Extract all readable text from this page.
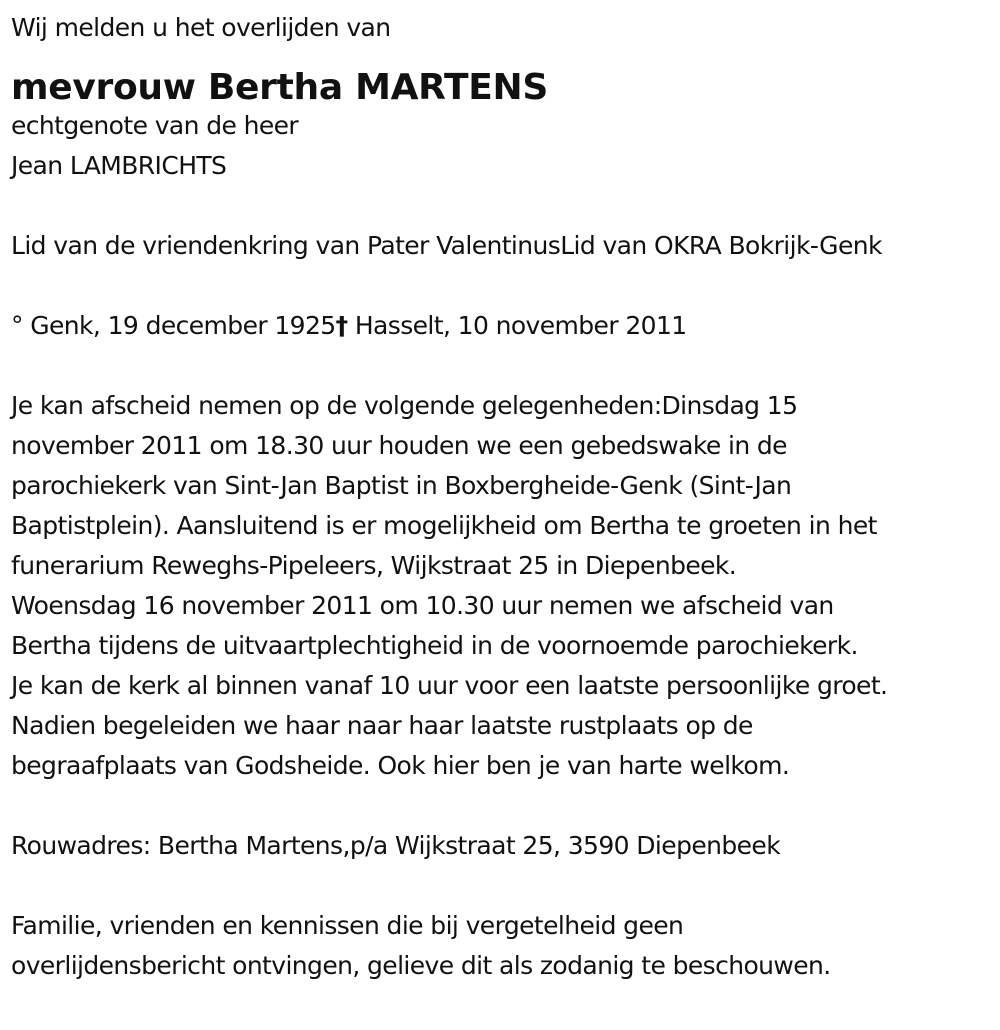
Wij melden u het overlijden van
mevrouw Bertha MARTENS
echtgenote van de heer
Jean LAMBRICHTS
Lid van de vriendenkring van Pater ValentinusLid van OKRA Bokrijk-Genk
° Genk, 19 december 1925† Hasselt, 10 november 2011
Je kan afscheid nemen op de volgende gelegenheden:Dinsdag 15
november 2011 om 18.30 uur houden we een gebedswake in de
parochiekerk van Sint-Jan Baptist in Boxbergheide-Genk (Sint-Jan
Baptistplein). Aansluitend is er mogelijkheid om Bertha te groeten in het
funerarium Reweghs-Pipeleers, Wijkstraat 25 in Diepenbeek.
Woensdag 16 november 2011 om 10.30 uur nemen we afscheid van
Bertha tijdens de uitvaartplechtigheid in de voornoemde parochiekerk.
Je kan de kerk al binnen vanaf 10 uur voor een laatste persoonlijke groet.
Nadien begeleiden we haar naar haar laatste rustplaats op de
begraafplaats van Godsheide. Ook hier ben je van harte welkom.
Rouwadres: Bertha Martens,p/a Wijkstraat 25, 3590 Diepenbeek
Familie, vrienden en kennissen die bij vergetelheid geen
overlijdensbericht ontvingen, gelieve dit als zodanig te beschouwen.
